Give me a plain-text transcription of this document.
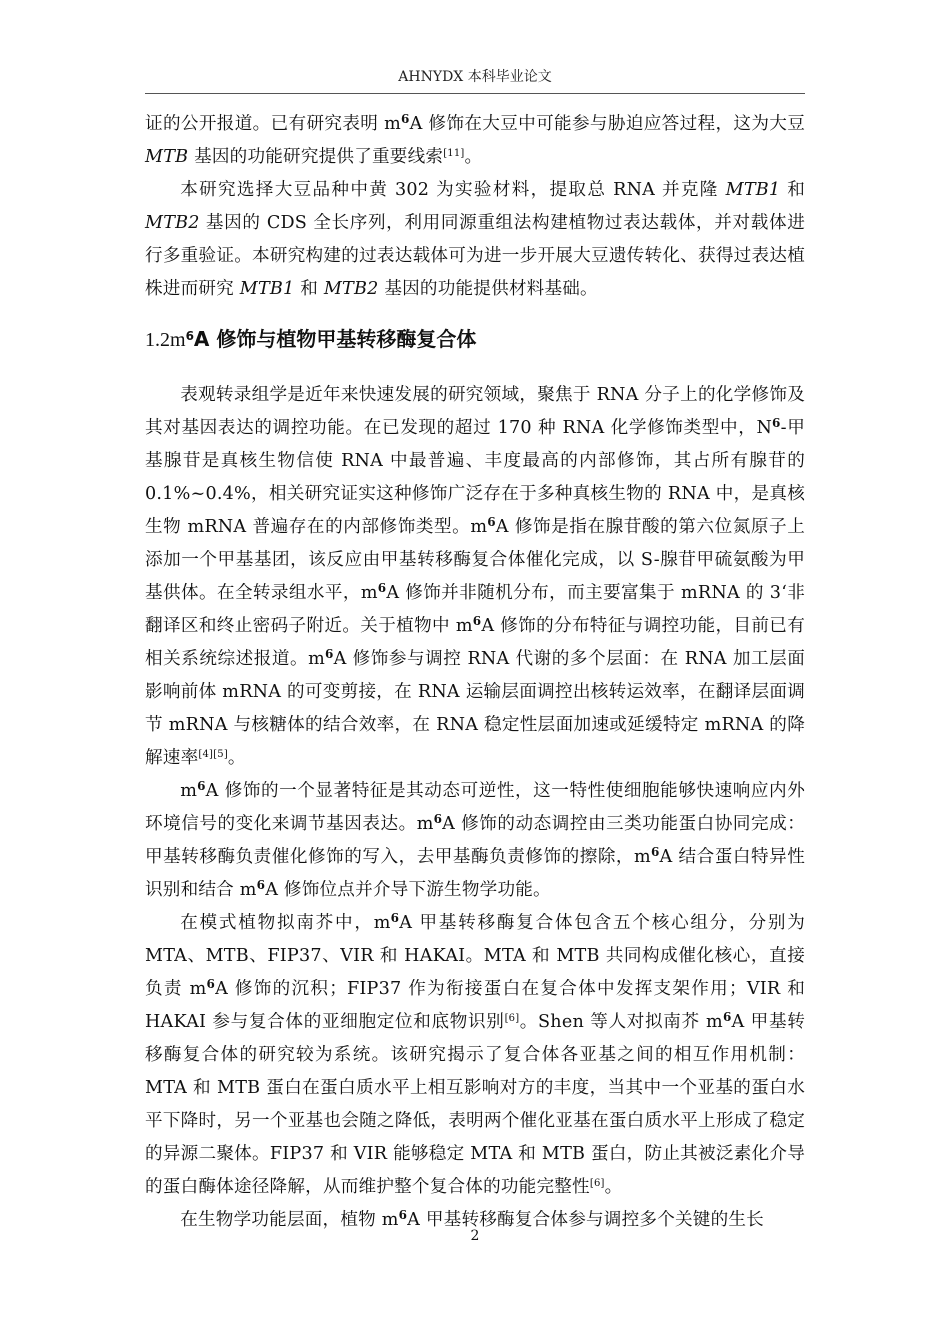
AHNYDX 本科毕业论文

证的公开报道。已有研究表明 $m^6A$ 修饰在大豆中可能参与胁迫应答过程，这为大豆 MTB 基因的功能研究提供了重要线索[11]。

本研究选择大豆品种中黄 302 为实验材料，提取总 RNA 并克隆 MTB1 和 MTB2 基因的 CDS 全长序列，利用同源重组法构建植物过表达载体，并对载体进行多重验证。本研究构建的过表达载体可为进一步开展大豆遗传转化、获得过表达植株进而研究 MTB1 和 MTB2 基因的功能提供材料基础。

$1.2m^6A$ 修饰与植物甲基转移酶复合体

表观转录组学是近年来快速发展的研究领域，聚焦于 RNA 分子上的化学修饰及其对基因表达的调控功能。在已发现的超过 170 种 RNA 化学修饰类型中，$N^6-$甲基腺苷是真核生物信使 RNA 中最普遍、丰度最高的内部修饰，其占所有腺苷的 0.1%~0.4%，相关研究证实这种修饰广泛存在于多种真核生物的 RNA 中，是真核生物 mRNA 普遍存在的内部修饰类型。$m^6A$ 修饰是指在腺苷酸的第六位氮原子上添加一个甲基基团，该反应由甲基转移酶复合体催化完成，以 S-腺苷甲硫氨酸为甲基供体。在全转录组水平，$m^6A$ 修饰并非随机分布，而主要富集于 mRNA 的 3‘非翻译区和终止密码子附近。关于植物中 $m^6A$ 修饰的分布特征与调控功能，目前已有相关系统综述报道。$m^6A$ 修饰参与调控 RNA 代谢的多个层面：在 RNA 加工层面影响前体 mRNA 的可变剪接，在 RNA 运输层面调控出核转运效率，在翻译层面调节 mRNA 与核糖体的结合效率，在 RNA 稳定性层面加速或延缓特定 mRNA 的降解速率[4][5]。

$m^6A$ 修饰的一个显著特征是其动态可逆性，这一特性使细胞能够快速响应内外环境信号的变化来调节基因表达。$m^6A$ 修饰的动态调控由三类功能蛋白协同完成：甲基转移酶负责催化修饰的写入，去甲基酶负责修饰的擦除，$m^6A$ 结合蛋白特异性识别和结合 $m^6A$ 修饰位点并介导下游生物学功能。

在模式植物拟南芥中，$m^6A$ 甲基转移酶复合体包含五个核心组分，分别为 MTA、MTB、FIP37、VIR 和 HAKAI。MTA 和 MTB 共同构成催化核心，直接负责 $m^6A$ 修饰的沉积；FIP37 作为衔接蛋白在复合体中发挥支架作用；VIR 和 HAKAI 参与复合体的亚细胞定位和底物识别[6]。Shen 等人对拟南芥 $m^6A$ 甲基转移酶复合体的研究较为系统。该研究揭示了复合体各亚基之间的相互作用机制：MTA 和 MTB 蛋白在蛋白质水平上相互影响对方的丰度，当其中一个亚基的蛋白水平下降时，另一个亚基也会随之降低，表明两个催化亚基在蛋白质水平上形成了稳定的异源二聚体。FIP37 和 VIR 能够稳定 MTA 和 MTB 蛋白，防止其被泛素化介导的蛋白酶体途径降解，从而维护整个复合体的功能完整性[6]。

在生物学功能层面，植物 $m^6A$ 甲基转移酶复合体参与调控多个关键的生长

2
